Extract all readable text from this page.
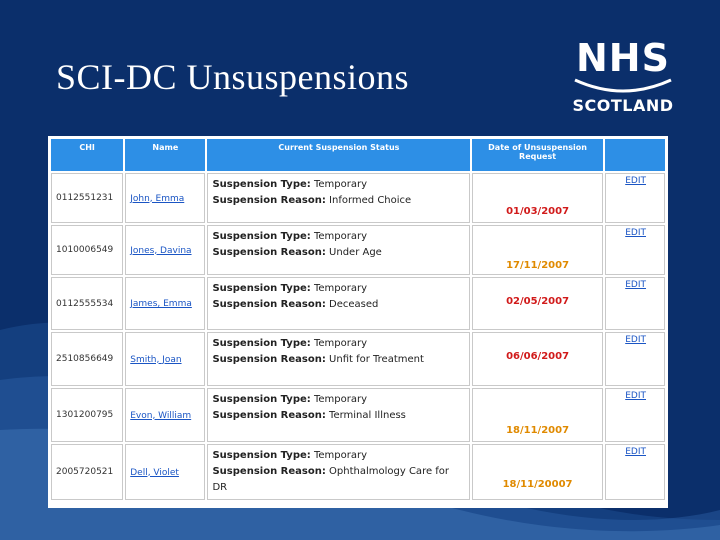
SCI-DC Unsuspensions	NHS
SCOTLAND
CHI	Name	Current Suspension Status	Date of Unsuspension Request	
0112551231	John, Emma	Suspension Type: Temporary
Suspension Reason: Informed Choice	01/03/2007	EDIT

1010006549	Jones, Davina	Suspension Type: Temporary
Suspension Reason: Under Age	17/11/2007	EDIT

0112555534	James, Emma	Suspension Type: Temporary
Suspension Reason: Deceased	02/05/2007	EDIT

2510856649	Smith, Joan	Suspension Type: Temporary
Suspension Reason: Unfit for Treatment	06/06/2007	EDIT

1301200795	Evon, William	Suspension Type: Temporary
Suspension Reason: Terminal Illness	18/11/2007	EDIT

2005720521	Dell, Violet	Suspension Type: Temporary
Suspension Reason: Ophthalmology Care for DR	18/11/20007	EDIT
